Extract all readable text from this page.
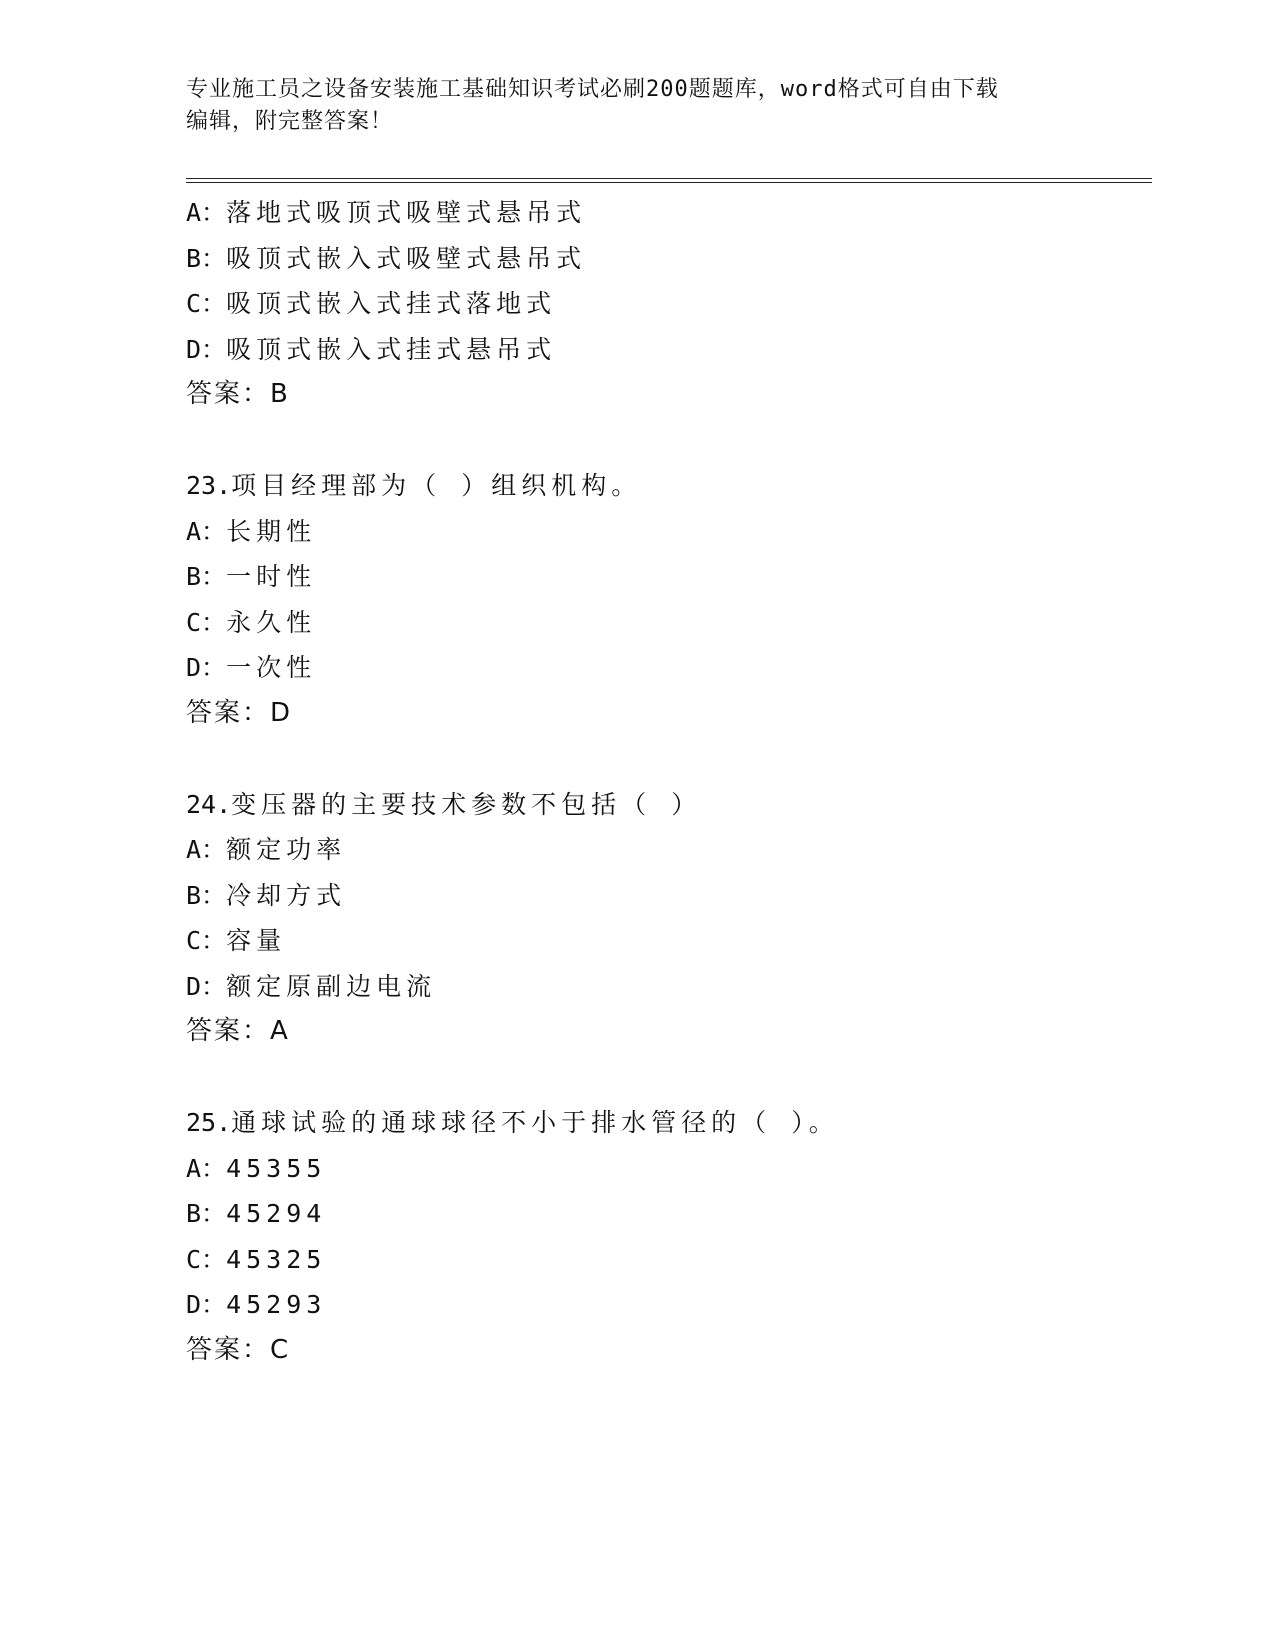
专业施工员之设备安装施工基础知识考试必刷200题题库，word格式可自由下载
编辑，附完整答案！
A：落地式吸顶式吸壁式悬吊式
B：吸顶式嵌入式吸壁式悬吊式
C：吸顶式嵌入式挂式落地式
D：吸顶式嵌入式挂式悬吊式
答案：B
23.项目经理部为（ ）组织机构。
A：长期性
B：一时性
C：永久性
D：一次性
答案：D
24.变压器的主要技术参数不包括（ ）
A：额定功率
B：冷却方式
C：容量
D：额定原副边电流
答案：A
25.通球试验的通球球径不小于排水管径的（ ）。
A：45355
B：45294
C：45325
D：45293
答案：C
